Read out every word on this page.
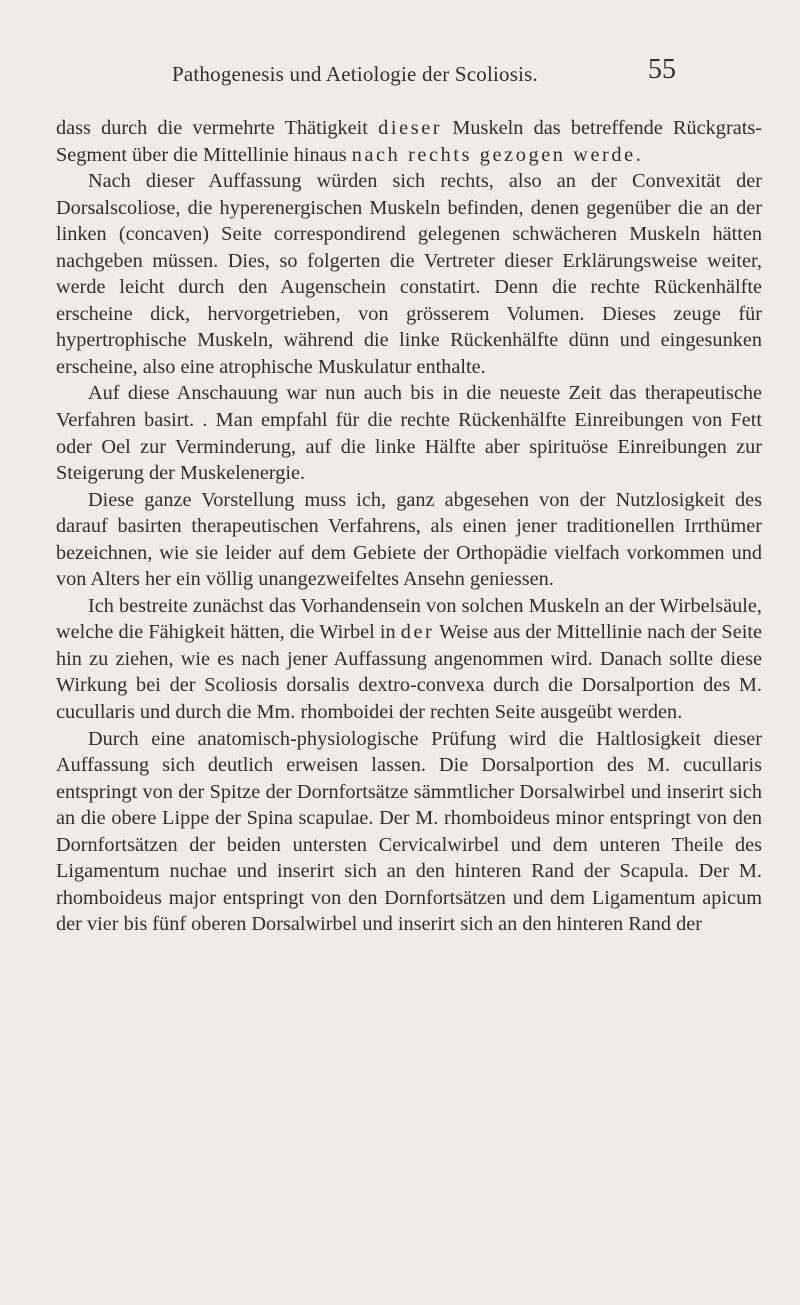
Pathogenesis und Aetiologie der Scoliosis.	55

dass durch die vermehrte Thätigkeit dieser Muskeln das betreffende Rückgrats-Segment über die Mittellinie hinaus nach rechts gezogen werde.

Nach dieser Auffassung würden sich rechts, also an der Convexität der Dorsalscoliose, die hyperenergischen Muskeln befinden, denen gegenüber die an der linken (concaven) Seite correspondirend gelegenen schwächeren Muskeln hätten nachgeben müssen. Dies, so folgerten die Vertreter dieser Erklärungsweise weiter, werde leicht durch den Augenschein constatirt. Denn die rechte Rückenhälfte erscheine dick, hervorgetrieben, von grösserem Volumen. Dieses zeuge für hypertrophische Muskeln, während die linke Rückenhälfte dünn und eingesunken erscheine, also eine atrophische Muskulatur enthalte.

Auf diese Anschauung war nun auch bis in die neueste Zeit das therapeutische Verfahren basirt. . Man empfahl für die rechte Rückenhälfte Einreibungen von Fett oder Oel zur Verminderung, auf die linke Hälfte aber spirituöse Einreibungen zur Steigerung der Muskelenergie.

Diese ganze Vorstellung muss ich, ganz abgesehen von der Nutzlosigkeit des darauf basirten therapeutischen Verfahrens, als einen jener traditionellen Irrthümer bezeichnen, wie sie leider auf dem Gebiete der Orthopädie vielfach vorkommen und von Alters her ein völlig unangezweifeltes Ansehn geniessen.

Ich bestreite zunächst das Vorhandensein von solchen Muskeln an der Wirbelsäule, welche die Fähigkeit hätten, die Wirbel in der Weise aus der Mittellinie nach der Seite hin zu ziehen, wie es nach jener Auffassung angenommen wird. Danach sollte diese Wirkung bei der Scoliosis dorsalis dextro-convexa durch die Dorsalportion des M. cucullaris und durch die Mm. rhomboidei der rechten Seite ausgeübt werden.

Durch eine anatomisch-physiologische Prüfung wird die Haltlosigkeit dieser Auffassung sich deutlich erweisen lassen. Die Dorsalportion des M. cucullaris entspringt von der Spitze der Dornfortsätze sämmtlicher Dorsalwirbel und inserirt sich an die obere Lippe der Spina scapulae. Der M. rhomboideus minor entspringt von den Dornfortsätzen der beiden untersten Cervicalwirbel und dem unteren Theile des Ligamentum nuchae und inserirt sich an den hinteren Rand der Scapula. Der M. rhomboideus major entspringt von den Dornfortsätzen und dem Ligamentum apicum der vier bis fünf oberen Dorsalwirbel und inserirt sich an den hinteren Rand der
